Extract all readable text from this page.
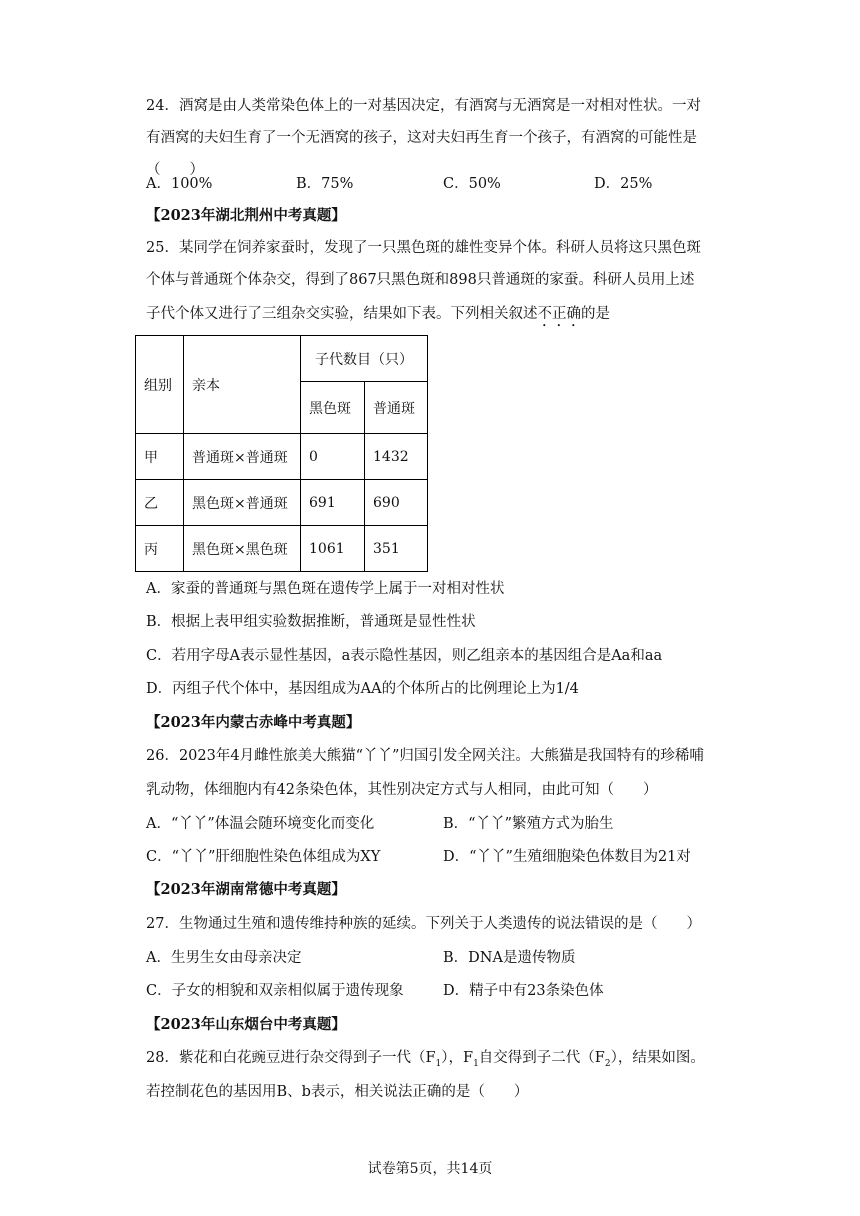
24．酒窝是由人类常染色体上的一对基因决定，有酒窝与无酒窝是一对相对性状。一对

有酒窝的夫妇生育了一个无酒窝的孩子，这对夫妇再生育一个孩子，有酒窝的可能性是

（　　）

A．100%	B．75%	C．50%	D．25%

【2023年湖北荆州中考真题】

25．某同学在饲养家蚕时，发现了一只黑色斑的雄性变异个体。科研人员将这只黑色斑

个体与普通斑个体杂交，得到了867只黑色斑和898只普通斑的家蚕。科研人员用上述

子代个体又进行了三组杂交实验，结果如下表。下列相关叙述不正确的是

组别	亲本	子代数目（只）	
		黑色斑	普通斑
甲	普通斑×普通斑	0	1432
乙	黑色斑×普通斑	691	690
丙	黑色斑×黑色斑	1061	351

A．家蚕的普通斑与黑色斑在遗传学上属于一对相对性状

B．根据上表甲组实验数据推断，普通斑是显性性状

C．若用字母A表示显性基因，a表示隐性基因，则乙组亲本的基因组合是Aa和aa

D．丙组子代个体中，基因组成为AA的个体所占的比例理论上为1/4

【2023年内蒙古赤峰中考真题】

26．2023年4月雌性旅美大熊猫“丫丫”归国引发全网关注。大熊猫是我国特有的珍稀哺

乳动物，体细胞内有42条染色体，其性别决定方式与人相同，由此可知（　　）

A．“丫丫”体温会随环境变化而变化	B．“丫丫”繁殖方式为胎生
C．“丫丫”肝细胞性染色体组成为XY	D．“丫丫”生殖细胞染色体数目为21对

【2023年湖南常德中考真题】

27．生物通过生殖和遗传维持种族的延续。下列关于人类遗传的说法错误的是（　　）

A．生男生女由母亲决定	B．DNA是遗传物质
C．子女的相貌和双亲相似属于遗传现象	D．精子中有23条染色体

【2023年山东烟台中考真题】

28．紫花和白花豌豆进行杂交得到子一代$(F_1)$，$F_1$自交得到子二代$(F_2)$，结果如图。

若控制花色的基因用B、b表示，相关说法正确的是（　　）

试卷第5页，共14页
